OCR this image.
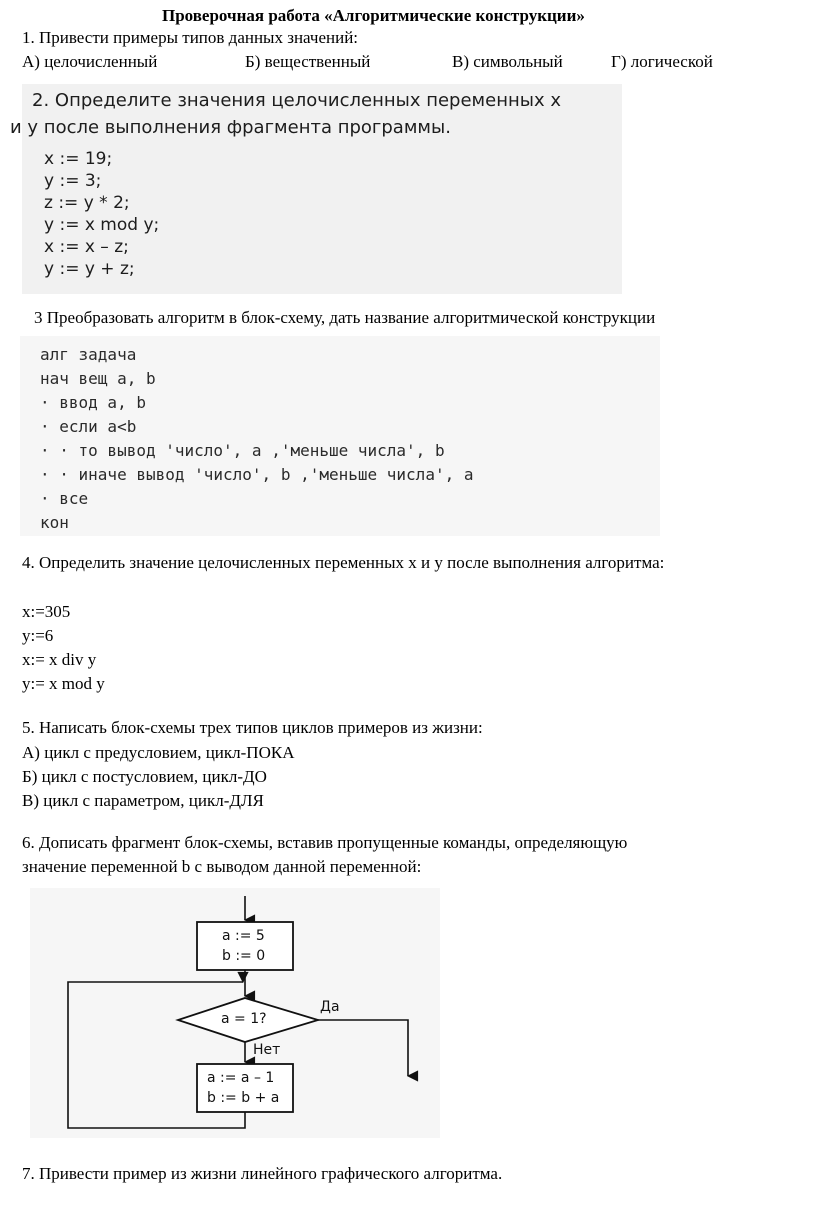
Проверочная работа «Алгоритмические конструкции»
1. Привести примеры типов данных значений:
А) целочисленный	Б) вещественный	В) символьный	Г) логической
2. Определите значения целочисленных переменных x
и y после выполнения фрагмента программы.
x := 19;
y := 3;
z := y * 2;
y := x mod y;
x := x – z;
y := y + z;
3 Преобразовать алгоритм в блок-схему, дать название алгоритмической конструкции
алг задача
нач вещ a, b
· ввод a, b
· если a<b
· · то вывод 'число', a ,'меньше числа', b
· · иначе вывод 'число', b ,'меньше числа', a
· все
кон
4. Определить значение целочисленных переменных x и y после выполнения алгоритма:
x:=305
y:=6
x:= x div y
y:= x mod y
5. Написать блок-схемы трех типов циклов примеров из жизни:
А) цикл с предусловием, цикл-ПОКА
Б) цикл с постусловием, цикл-ДО
В) цикл с параметром, цикл-ДЛЯ
6. Дописать фрагмент блок-схемы, вставив пропущенные команды, определяющую
значение переменной b с выводом данной переменной:
a := 5
b := 0
a = 1?
Да
Нет
a := a – 1
b := b + a
7. Привести пример из жизни линейного графического алгоритма.
